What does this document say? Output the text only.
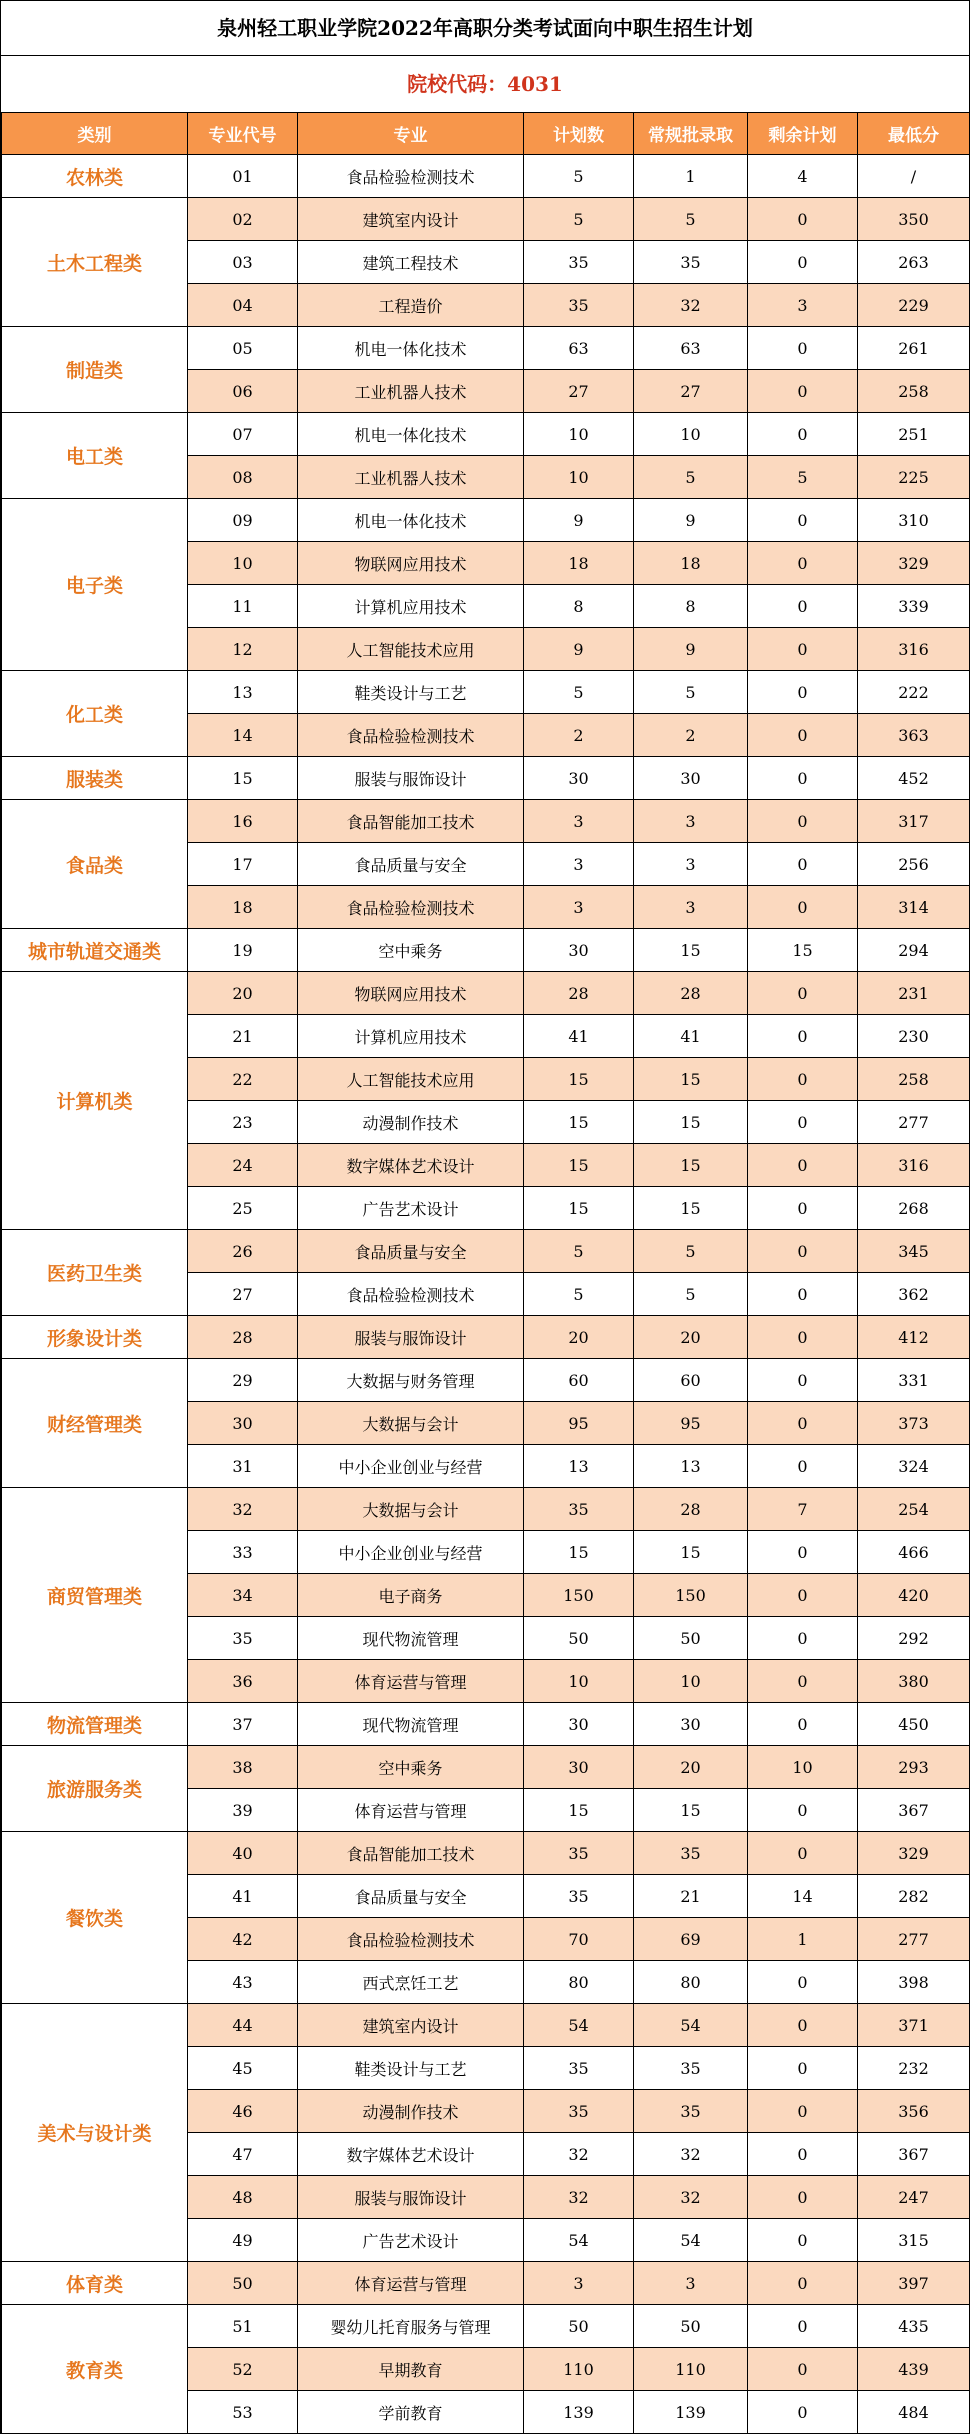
泉州轻工职业学院2022年高职分类考试面向中职生招生计划
院校代码：4031
类别	专业代号	专业	计划数	常规批录取	剩余计划	最低分
农林类	01	食品检验检测技术	5	1	4	/
土木工程类	02	建筑室内设计	5	5	0	350
	03	建筑工程技术	35	35	0	263
	04	工程造价	35	32	3	229
制造类	05	机电一体化技术	63	63	0	261
	06	工业机器人技术	27	27	0	258
电工类	07	机电一体化技术	10	10	0	251
	08	工业机器人技术	10	5	5	225
电子类	09	机电一体化技术	9	9	0	310
	10	物联网应用技术	18	18	0	329
	11	计算机应用技术	8	8	0	339
	12	人工智能技术应用	9	9	0	316
化工类	13	鞋类设计与工艺	5	5	0	222
	14	食品检验检测技术	2	2	0	363
服装类	15	服装与服饰设计	30	30	0	452
食品类	16	食品智能加工技术	3	3	0	317
	17	食品质量与安全	3	3	0	256
	18	食品检验检测技术	3	3	0	314
城市轨道交通类	19	空中乘务	30	15	15	294
计算机类	20	物联网应用技术	28	28	0	231
	21	计算机应用技术	41	41	0	230
	22	人工智能技术应用	15	15	0	258
	23	动漫制作技术	15	15	0	277
	24	数字媒体艺术设计	15	15	0	316
	25	广告艺术设计	15	15	0	268
医药卫生类	26	食品质量与安全	5	5	0	345
	27	食品检验检测技术	5	5	0	362
形象设计类	28	服装与服饰设计	20	20	0	412
财经管理类	29	大数据与财务管理	60	60	0	331
	30	大数据与会计	95	95	0	373
	31	中小企业创业与经营	13	13	0	324
商贸管理类	32	大数据与会计	35	28	7	254
	33	中小企业创业与经营	15	15	0	466
	34	电子商务	150	150	0	420
	35	现代物流管理	50	50	0	292
	36	体育运营与管理	10	10	0	380
物流管理类	37	现代物流管理	30	30	0	450
旅游服务类	38	空中乘务	30	20	10	293
	39	体育运营与管理	15	15	0	367
餐饮类	40	食品智能加工技术	35	35	0	329
	41	食品质量与安全	35	21	14	282
	42	食品检验检测技术	70	69	1	277
	43	西式烹饪工艺	80	80	0	398
美术与设计类	44	建筑室内设计	54	54	0	371
	45	鞋类设计与工艺	35	35	0	232
	46	动漫制作技术	35	35	0	356
	47	数字媒体艺术设计	32	32	0	367
	48	服装与服饰设计	32	32	0	247
	49	广告艺术设计	54	54	0	315
体育类	50	体育运营与管理	3	3	0	397
教育类	51	婴幼儿托育服务与管理	50	50	0	435
	52	早期教育	110	110	0	439
	53	学前教育	139	139	0	484
